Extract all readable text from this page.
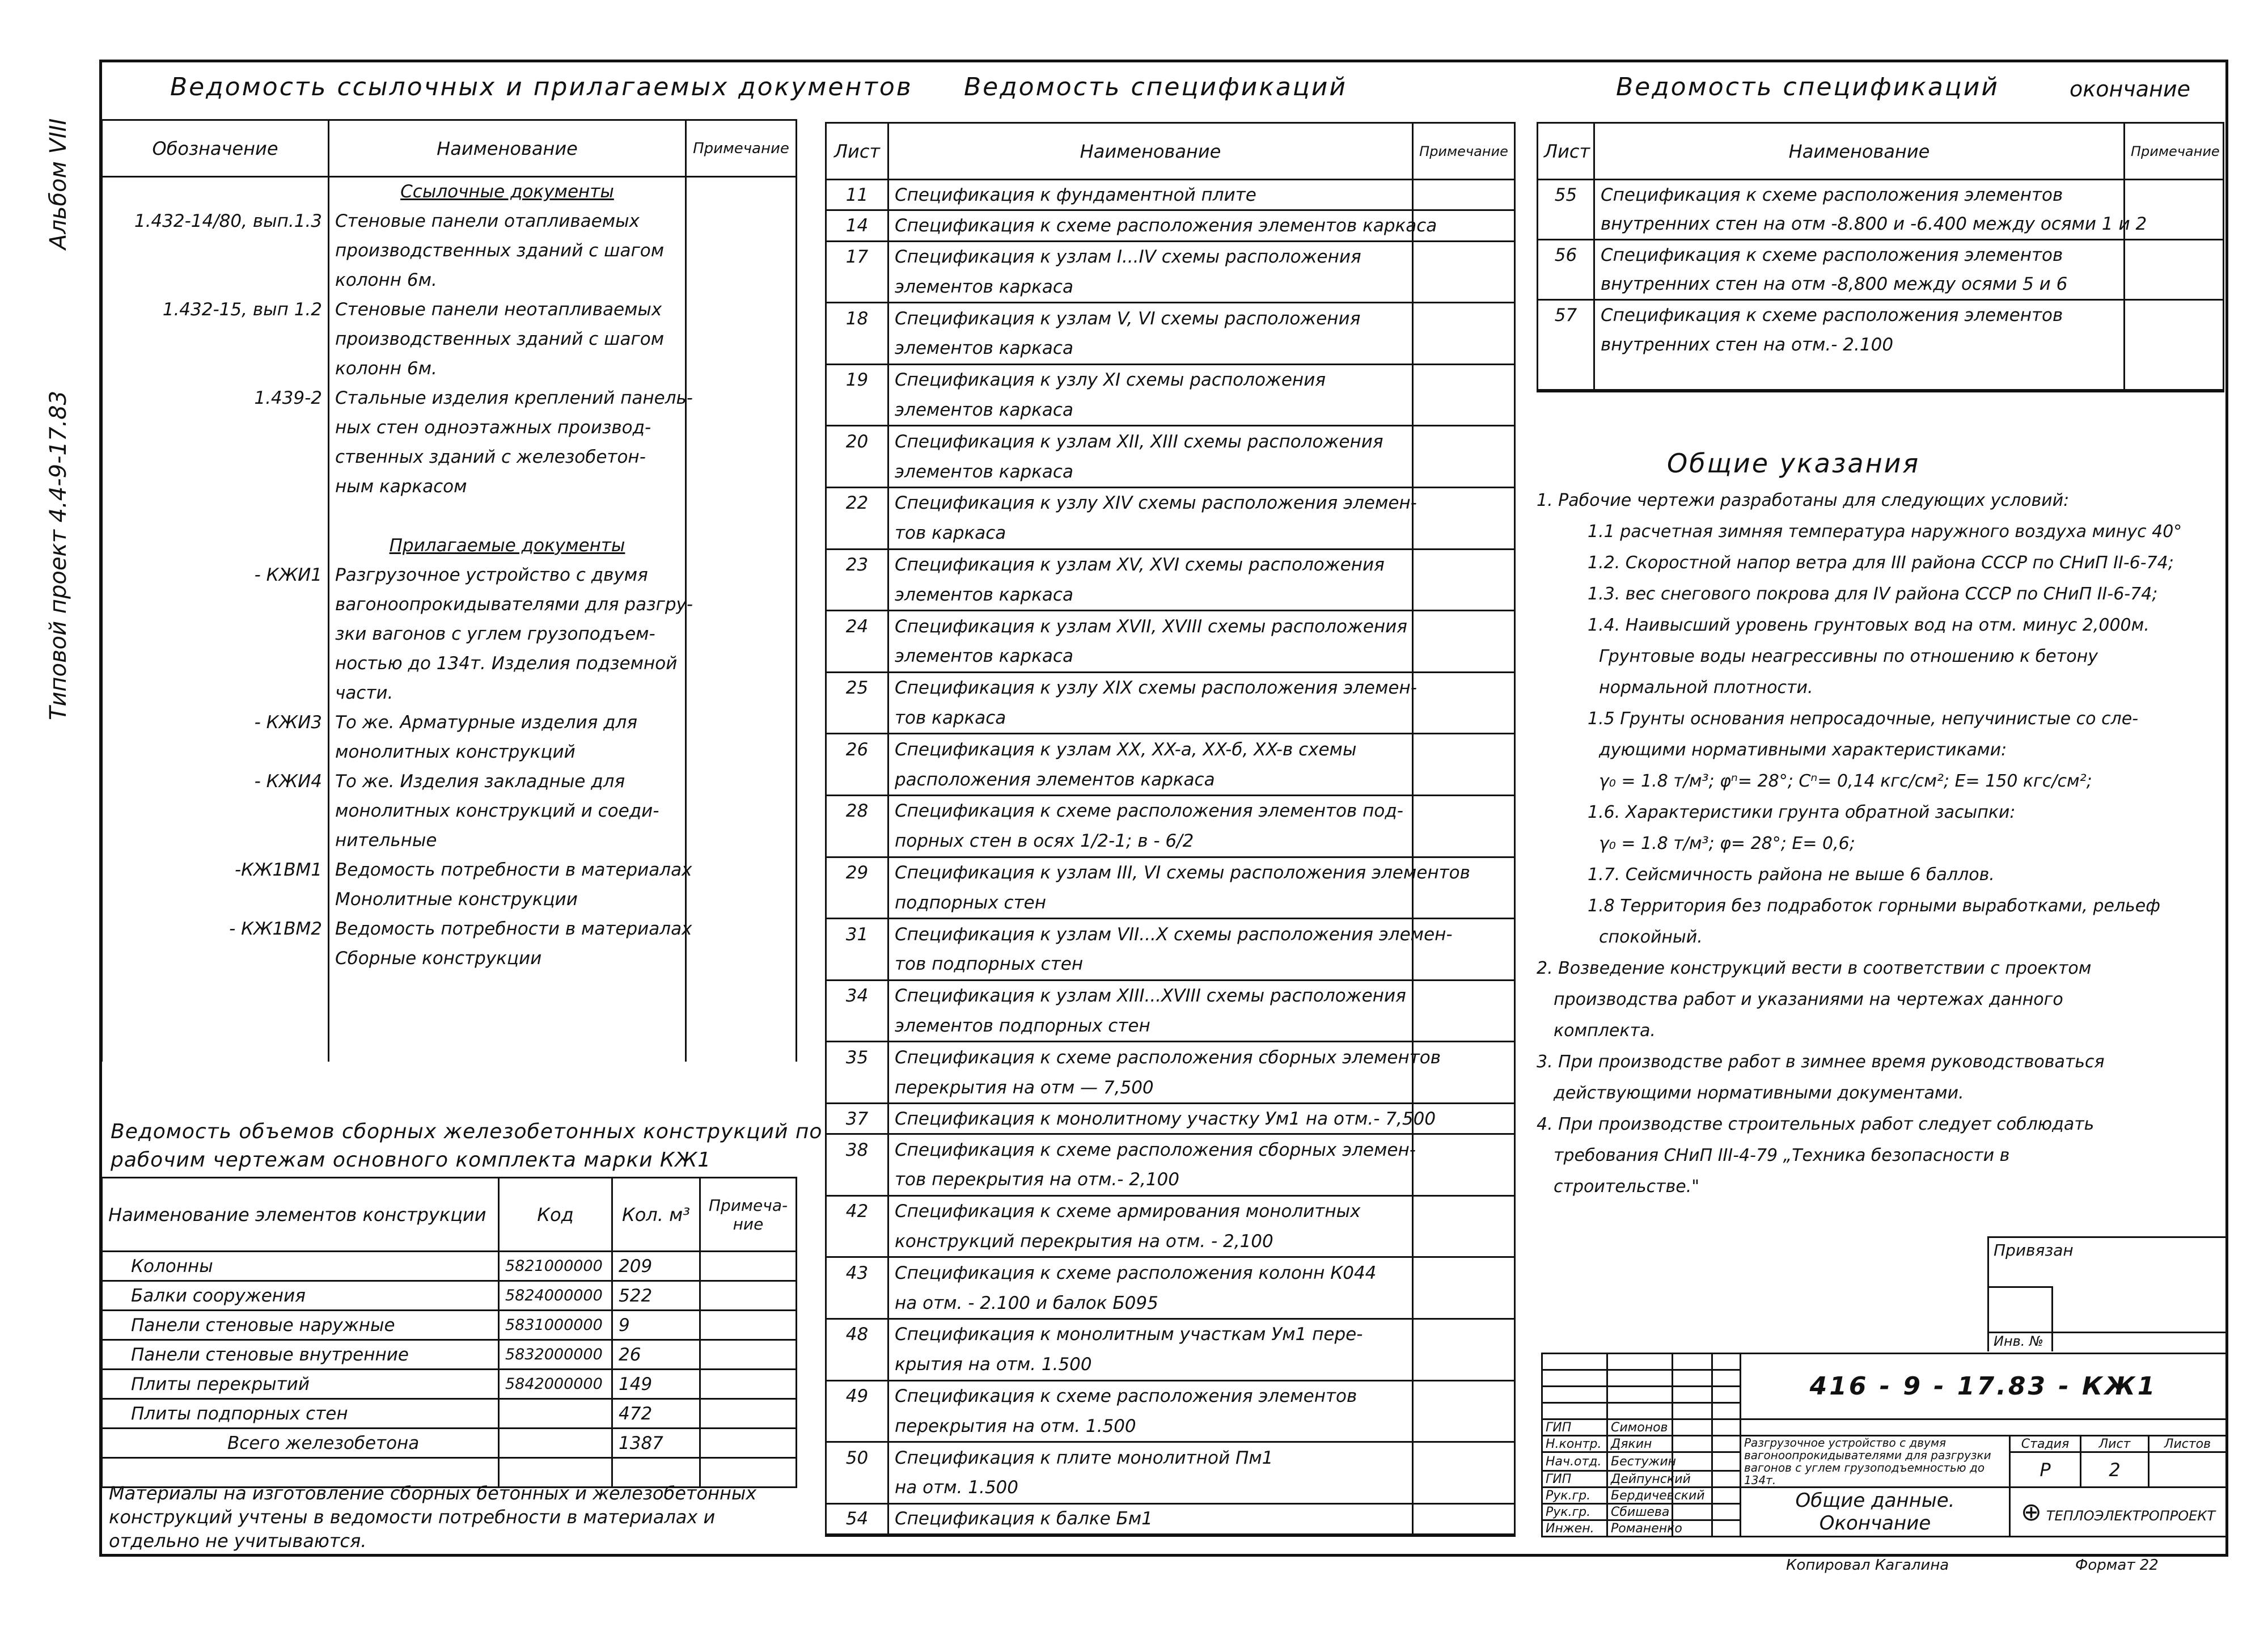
Альбом VIII
Типовой проект 4.4-9-17.83
Ведомость ссылочных и прилагаемых документов
Обозначение	Наименование	Примечание
	Ссылочные документы	
1.432-14/80, вып.1.3	Стеновые панели отапливаемых	
	производственных зданий с шагом	
	колонн 6м.	
1.432-15, вып 1.2	Стеновые панели неотапливаемых	
	производственных зданий с шагом	
	колонн 6м.	
1.439-2	Стальные изделия креплений панель-	
	ных стен одноэтажных производ-	
	ственных зданий с железобетон-	
	ным каркасом	

	Прилагаемые документы	
- КЖИ1	Разгрузочное устройство с двумя	
	вагоноопрокидывателями для разгру-	
	зки вагонов с углем грузоподъем-	
	ностью до 134т. Изделия подземной	
	части.	
- КЖИ3	То же. Арматурные изделия для	
	монолитных конструкций	
- КЖИ4	То же. Изделия закладные для	
	монолитных конструкций и соеди-	
	нительные	
-КЖ1ВМ1	Ведомость потребности в материалах	
	Монолитные конструкции	
- КЖ1ВМ2	Ведомость потребности в материалах	
	Сборные конструкции	

Ведомость объемов сборных железобетонных конструкций по
рабочим чертежам основного комплекта марки КЖ1
Наименование элементов конструкции	Код	Кол. м³	Примеча-ние
Колонны	5821000000	209	
Балки сооружения	5824000000	522	
Панели стеновые наружные	5831000000	9	
Панели стеновые внутренние	5832000000	26	
Плиты перекрытий	5842000000	149	
Плиты подпорных стен		472	
Всего железобетона		1387	

Материалы на изготовление сборных бетонных и железобетонных
конструкций учтены в ведомости потребности в материалах и
отдельно не учитываются.
Ведомость спецификаций
Лист	Наименование	Примечание
11	Спецификация к фундаментной плите	
14	Спецификация к схеме расположения элементов каркаса	
17	Спецификация к узлам I...IV схемы расположения	
	элементов каркаса	
18	Спецификация к узлам V, VI схемы расположения	
	элементов каркаса	
19	Спецификация к узлу XI схемы расположения	
	элементов каркаса	
20	Спецификация к узлам XII, XIII схемы расположения	
	элементов каркаса	
22	Спецификация к узлу XIV схемы расположения элемен-	
	тов каркаса	
23	Спецификация к узлам XV, XVI схемы расположения	
	элементов каркаса	
24	Спецификация к узлам XVII, XVIII схемы расположения	
	элементов каркаса	
25	Спецификация к узлу XIX схемы расположения элемен-	
	тов каркаса	
26	Спецификация к узлам XX, XX-а, XX-б, XX-в схемы	
	расположения элементов каркаса	
28	Спецификация к схеме расположения элементов под-	
	порных стен в осях 1/2-1; в - 6/2	
29	Спецификация к узлам III, VI схемы расположения элементов	
	подпорных стен	
31	Спецификация к узлам VII...X схемы расположения элемен-	
	тов подпорных стен	
34	Спецификация к узлам XIII...XVIII схемы расположения	
	элементов подпорных стен	
35	Спецификация к схеме расположения сборных элементов	
	перекрытия на отм — 7,500	
37	Спецификация к монолитному участку Ум1 на отм.- 7,500	
38	Спецификация к схеме расположения сборных элемен-	
	тов перекрытия на отм.- 2,100	
42	Спецификация к схеме армирования монолитных	
	конструкций перекрытия на отм. - 2,100	
43	Спецификация к схеме расположения колонн К044	
	на отм. - 2.100 и балок Б095	
48	Спецификация к монолитным участкам Ум1 пере-	
	крытия на отм. 1.500	
49	Спецификация к схеме расположения элементов	
	перекрытия на отм. 1.500	
50	Спецификация к плите монолитной Пм1	
	на отм. 1.500	
54	Спецификация к балке Бм1	

Ведомость спецификаций	окончание
Лист	Наименование	Примечание
55	Спецификация к схеме расположения элементов	
	внутренних стен на отм -8.800 и -6.400 между осями 1 и 2	
56	Спецификация к схеме расположения элементов	
	внутренних стен на отм -8,800 между осями 5 и 6	
57	Спецификация к схеме расположения элементов	
	внутренних стен на отм.- 2.100	

Общие указания

1. Рабочие чертежи разработаны для следующих условий:

1.1 расчетная зимняя температура наружного воздуха минус 40°

1.2. Скоростной напор ветра для III района СССР по СНиП II-6-74;

1.3. вес снегового покрова для IV района СССР по СНиП II-6-74;

1.4. Наивысший уровень грунтовых вод на отм. минус 2,000м.

Грунтовые воды неагрессивны по отношению к бетону

нормальной плотности.

1.5 Грунты основания непросадочные, непучинистые со сле-

дующими нормативными характеристиками:

γ₀ = 1.8 т/м³; φⁿ= 28°; Cⁿ= 0,14 кгс/см²; E= 150 кгс/см²;

1.6. Характеристики грунта обратной засыпки:

γ₀ = 1.8 т/м³; φ= 28°; E= 0,6;

1.7. Сейсмичность района не выше 6 баллов.

1.8 Территория без подработок горными выработками, рельеф

спокойный.

2. Возведение конструкций вести в соответствии с проектом

производства работ и указаниями на чертежах данного

комплекта.

3. При производстве работ в зимнее время руководствоваться

действующими нормативными документами.

4. При производстве строительных работ следует соблюдать

требования СНиП III-4-79 „Техника безопасности в

строительстве."

Привязан
Инв. №
				416 - 9 - 17.83 - КЖ1			

ГИП	Симонов						
Н.контр.	Дякин			Разгрузочное устройство с двумя вагоноопрокидывателями для разгрузки вагонов с углем грузоподъемностью до 134т.	Стадия	Лист	Листов
Нач.отд.	Бестужин				Р	2	
ГИП	Дейпунский						
Рук.гр.	Бердичевский			Общие данные. Окончание	⊕ ТЕПЛОЭЛЕКТРОПРОЕКТ		
Рук.гр.	Сбишева						
Инжен.	Романенко						
Копировал Кагалина	Формат 22
